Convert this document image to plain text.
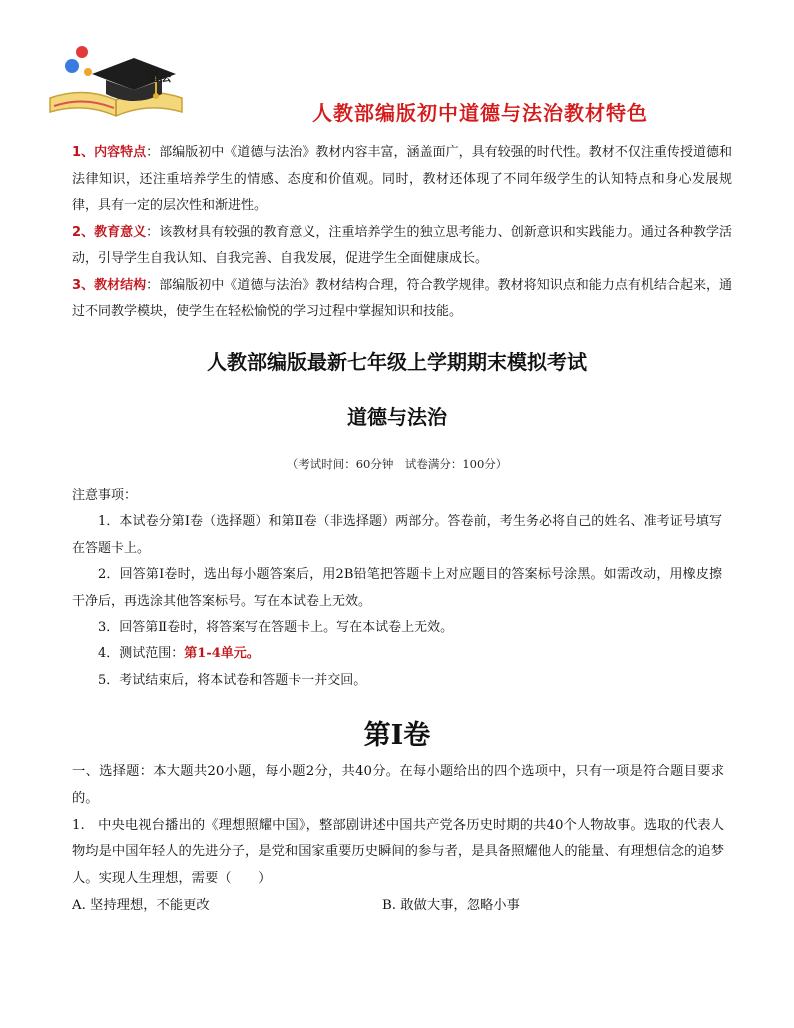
道法
人教部编版初中道德与法治教材特色

1、内容特点：部编版初中《道德与法治》教材内容丰富，涵盖面广，具有较强的时代性。教材不仅注重传授道德和法律知识，还注重培养学生的情感、态度和价值观。同时，教材还体现了不同年级学生的认知特点和身心发展规律，具有一定的层次性和渐进性。

2、教育意义：该教材具有较强的教育意义，注重培养学生的独立思考能力、创新意识和实践能力。通过各种教学活动，引导学生自我认知、自我完善、自我发展，促进学生全面健康成长。

3、教材结构：部编版初中《道德与法治》教材结构合理，符合教学规律。教材将知识点和能力点有机结合起来，通过不同教学模块，使学生在轻松愉悦的学习过程中掌握知识和技能。

人教部编版最新七年级上学期期末模拟考试
道德与法治
（考试时间：60分钟　试卷满分：100分）

注意事项：

1．本试卷分第Ⅰ卷（选择题）和第Ⅱ卷（非选择题）两部分。答卷前，考生务必将自己的姓名、准考证号填写在答题卡上。

2．回答第Ⅰ卷时，选出每小题答案后，用2B铅笔把答题卡上对应题目的答案标号涂黑。如需改动，用橡皮擦干净后，再选涂其他答案标号。写在本试卷上无效。

3．回答第Ⅱ卷时，将答案写在答题卡上。写在本试卷上无效。

4．测试范围：第1-4单元。

5．考试结束后，将本试卷和答题卡一并交回。

第Ⅰ卷

一、选择题：本大题共20小题，每小题2分，共40分。在每小题给出的四个选项中，只有一项是符合题目要求的。

1.　中央电视台播出的《理想照耀中国》，整部剧讲述中国共产党各历史时期的共40个人物故事。选取的代表人物均是中国年轻人的先进分子，是党和国家重要历史瞬间的参与者，是具备照耀他人的能量、有理想信念的追梦人。实现人生理想，需要（　　）

A. 坚持理想，不能更改	B. 敢做大事，忽略小事
